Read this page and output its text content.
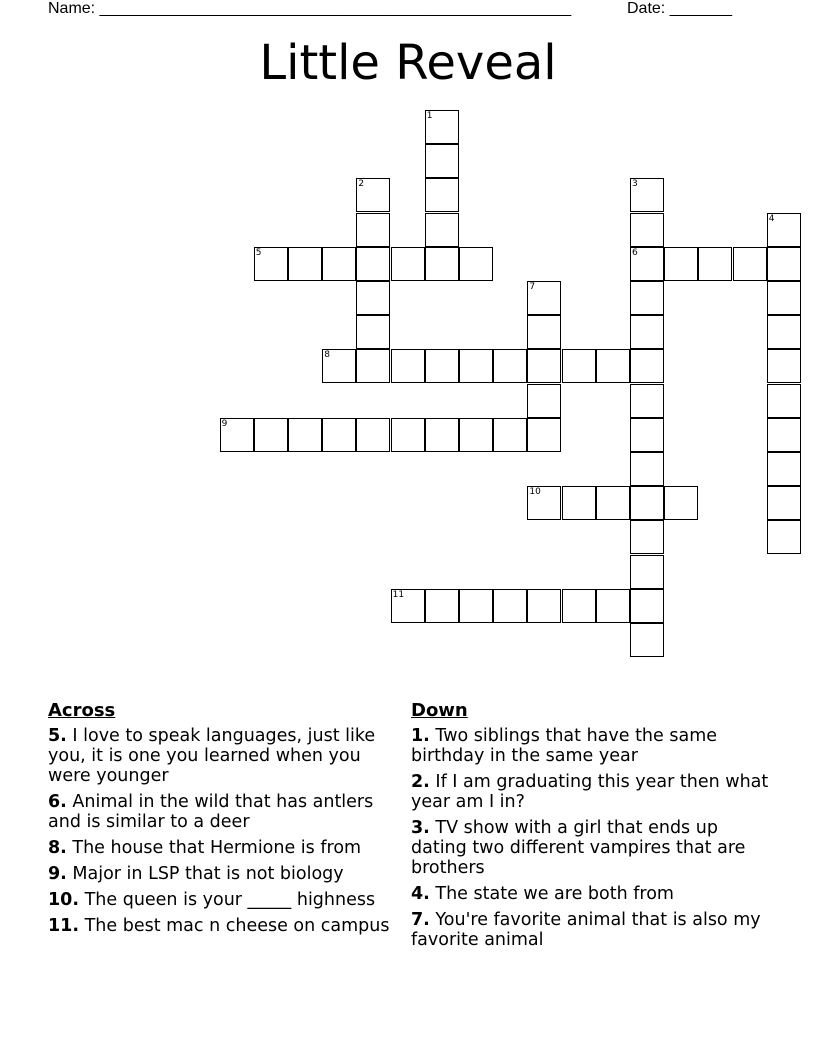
Name: _____________________________________________________	Date: _______
Little Reveal
1
2	3
6
4
5
7
8
9
10
11
Across
5. I love to speak languages, just like you, it is one you learned when you were younger
6. Animal in the wild that has antlers and is similar to a deer
8. The house that Hermione is from
9. Major in LSP that is not biology
10. The queen is your _____ highness
11. The best mac n cheese on campus
Down
1. Two siblings that have the same birthday in the same year
2. If I am graduating this year then what year am I in?
3. TV show with a girl that ends up dating two different vampires that are brothers
4. The state we are both from
7. You're favorite animal that is also my favorite animal
